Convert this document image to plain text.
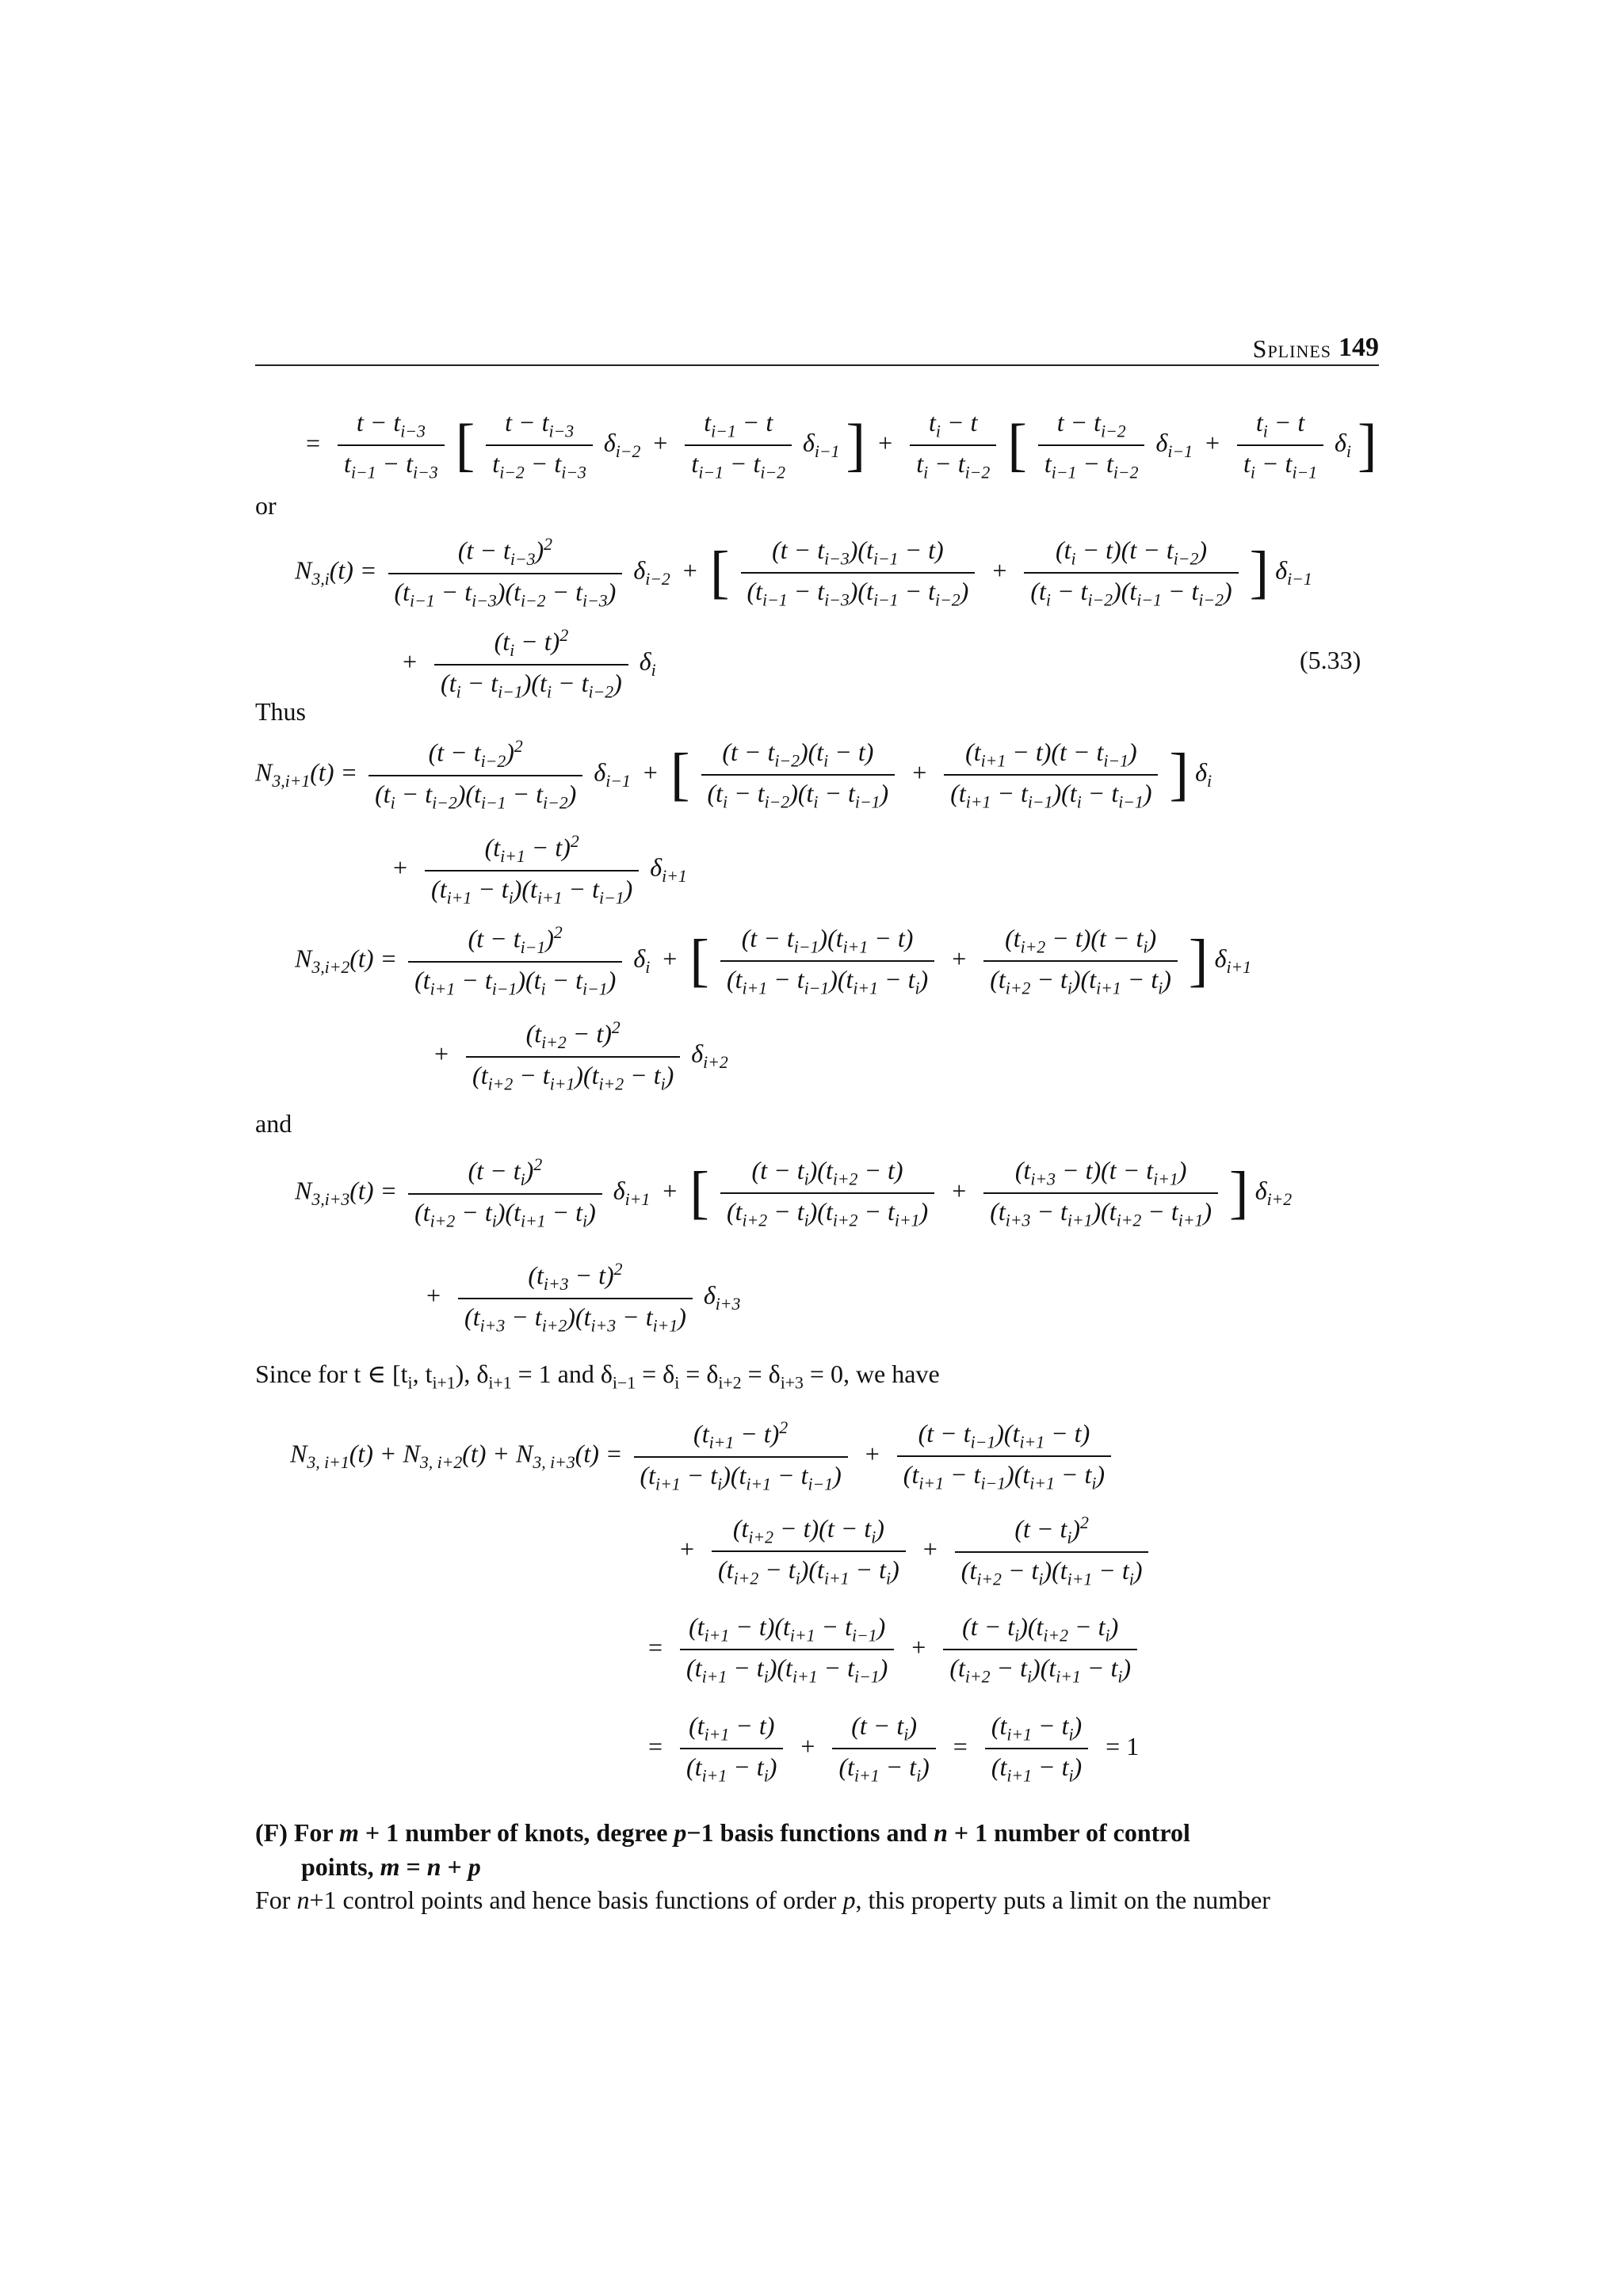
Splines 149
= $\frac{t - t_{i-3}}{t_{i-1} - t_{i-3}}$ [ $\frac{t - t_{i-3}}{t_{i-2} - t_{i-3}} \delta_{i-2} + \frac{t_{i-1} - t}{t_{i-1} - t_{i-2}} \delta_{i-1}$ ] + $\frac{t_i - t}{t_i - t_{i-2}}$ [ $\frac{t - t_{i-2}}{t_{i-1} - t_{i-2}} \delta_{i-1} + \frac{t_i - t}{t_i - t_{i-1}} \delta_i$ ]
or
$N_{3,i}(t) = \frac{(t - t_{i-3})^2}{(t_{i-1} - t_{i-3})(t_{i-2} - t_{i-3})} \delta_{i-2}$ + [ $\frac{(t - t_{i-3})(t_{i-1} - t)}{(t_{i-1} - t_{i-3})(t_{i-1} - t_{i-2})} + \frac{(t_i - t)(t - t_{i-2})}{(t_i - t_{i-2})(t_{i-1} - t_{i-2})}$ ] $\delta_{i-1}$
+ $\frac{(t_i - t)^2}{(t_i - t_{i-1})(t_i - t_{i-2})} \delta_i$	(5.33)
Thus
$N_{3,i+1}(t) = \frac{(t - t_{i-2})^2}{(t_i - t_{i-2})(t_{i-1} - t_{i-2})} \delta_{i-1}$ + [ $\frac{(t - t_{i-2})(t_i - t)}{(t_i - t_{i-2})(t_i - t_{i-1})} + \frac{(t_{i+1} - t)(t - t_{i-1})}{(t_{i+1} - t_{i-1})(t_i - t_{i-1})}$ ] $\delta_i$
+ $\frac{(t_{i+1} - t)^2}{(t_{i+1} - t_i)(t_{i+1} - t_{i-1})} \delta_{i+1}$
$N_{3,i+2}(t) = \frac{(t - t_{i-1})^2}{(t_{i+1} - t_{i-1})(t_i - t_{i-1})} \delta_i$ + [ $\frac{(t - t_{i-1})(t_{i+1} - t)}{(t_{i+1} - t_{i-1})(t_{i+1} - t_i)} + \frac{(t_{i+2} - t)(t - t_i)}{(t_{i+2} - t_i)(t_{i+1} - t_i)}$ ] $\delta_{i+1}$
+ $\frac{(t_{i+2} - t)^2}{(t_{i+2} - t_{i+1})(t_{i+2} - t_i)} \delta_{i+2}$
and
$N_{3,i+3}(t) = \frac{(t - t_i)^2}{(t_{i+2} - t_i)(t_{i+1} - t_i)} \delta_{i+1}$ + [ $\frac{(t - t_i)(t_{i+2} - t)}{(t_{i+2} - t_i)(t_{i+2} - t_{i+1})} + \frac{(t_{i+3} - t)(t - t_{i+1})}{(t_{i+3} - t_{i+1})(t_{i+2} - t_{i+1})}$ ] $\delta_{i+2}$
+ $\frac{(t_{i+3} - t)^2}{(t_{i+3} - t_{i+2})(t_{i+3} - t_{i+1})} \delta_{i+3}$
Since for t ∈ [$t_i$, $t_{i+1}$), $\delta_{i+1} = 1$ and $\delta_{i-1} = \delta_i = \delta_{i+2} = \delta_{i+3} = 0$, we have
$N_{3, i+1}(t) + N_{3, i+2}(t) + N_{3, i+3}(t) = \frac{(t_{i+1} - t)^2}{(t_{i+1} - t_i)(t_{i+1} - t_{i-1})} + \frac{(t - t_{i-1})(t_{i+1} - t)}{(t_{i+1} - t_{i-1})(t_{i+1} - t_i)}$
+ $\frac{(t_{i+2} - t)(t - t_i)}{(t_{i+2} - t_i)(t_{i+1} - t_i)} + \frac{(t - t_i)^2}{(t_{i+2} - t_i)(t_{i+1} - t_i)}$
= $\frac{(t_{i+1} - t)(t_{i+1} - t_{i-1})}{(t_{i+1} - t_i)(t_{i+1} - t_{i-1})} + \frac{(t - t_i)(t_{i+2} - t_i)}{(t_{i+2} - t_i)(t_{i+1} - t_i)}$
= $\frac{(t_{i+1} - t)}{(t_{i+1} - t_i)} + \frac{(t - t_i)}{(t_{i+1} - t_i)} = \frac{(t_{i+1} - t_i)}{(t_{i+1} - t_i)} = 1$
(F) For m + 1 number of knots, degree p−1 basis functions and n + 1 number of control
points, m = n + p
For n+1 control points and hence basis functions of order p, this property puts a limit on the number
